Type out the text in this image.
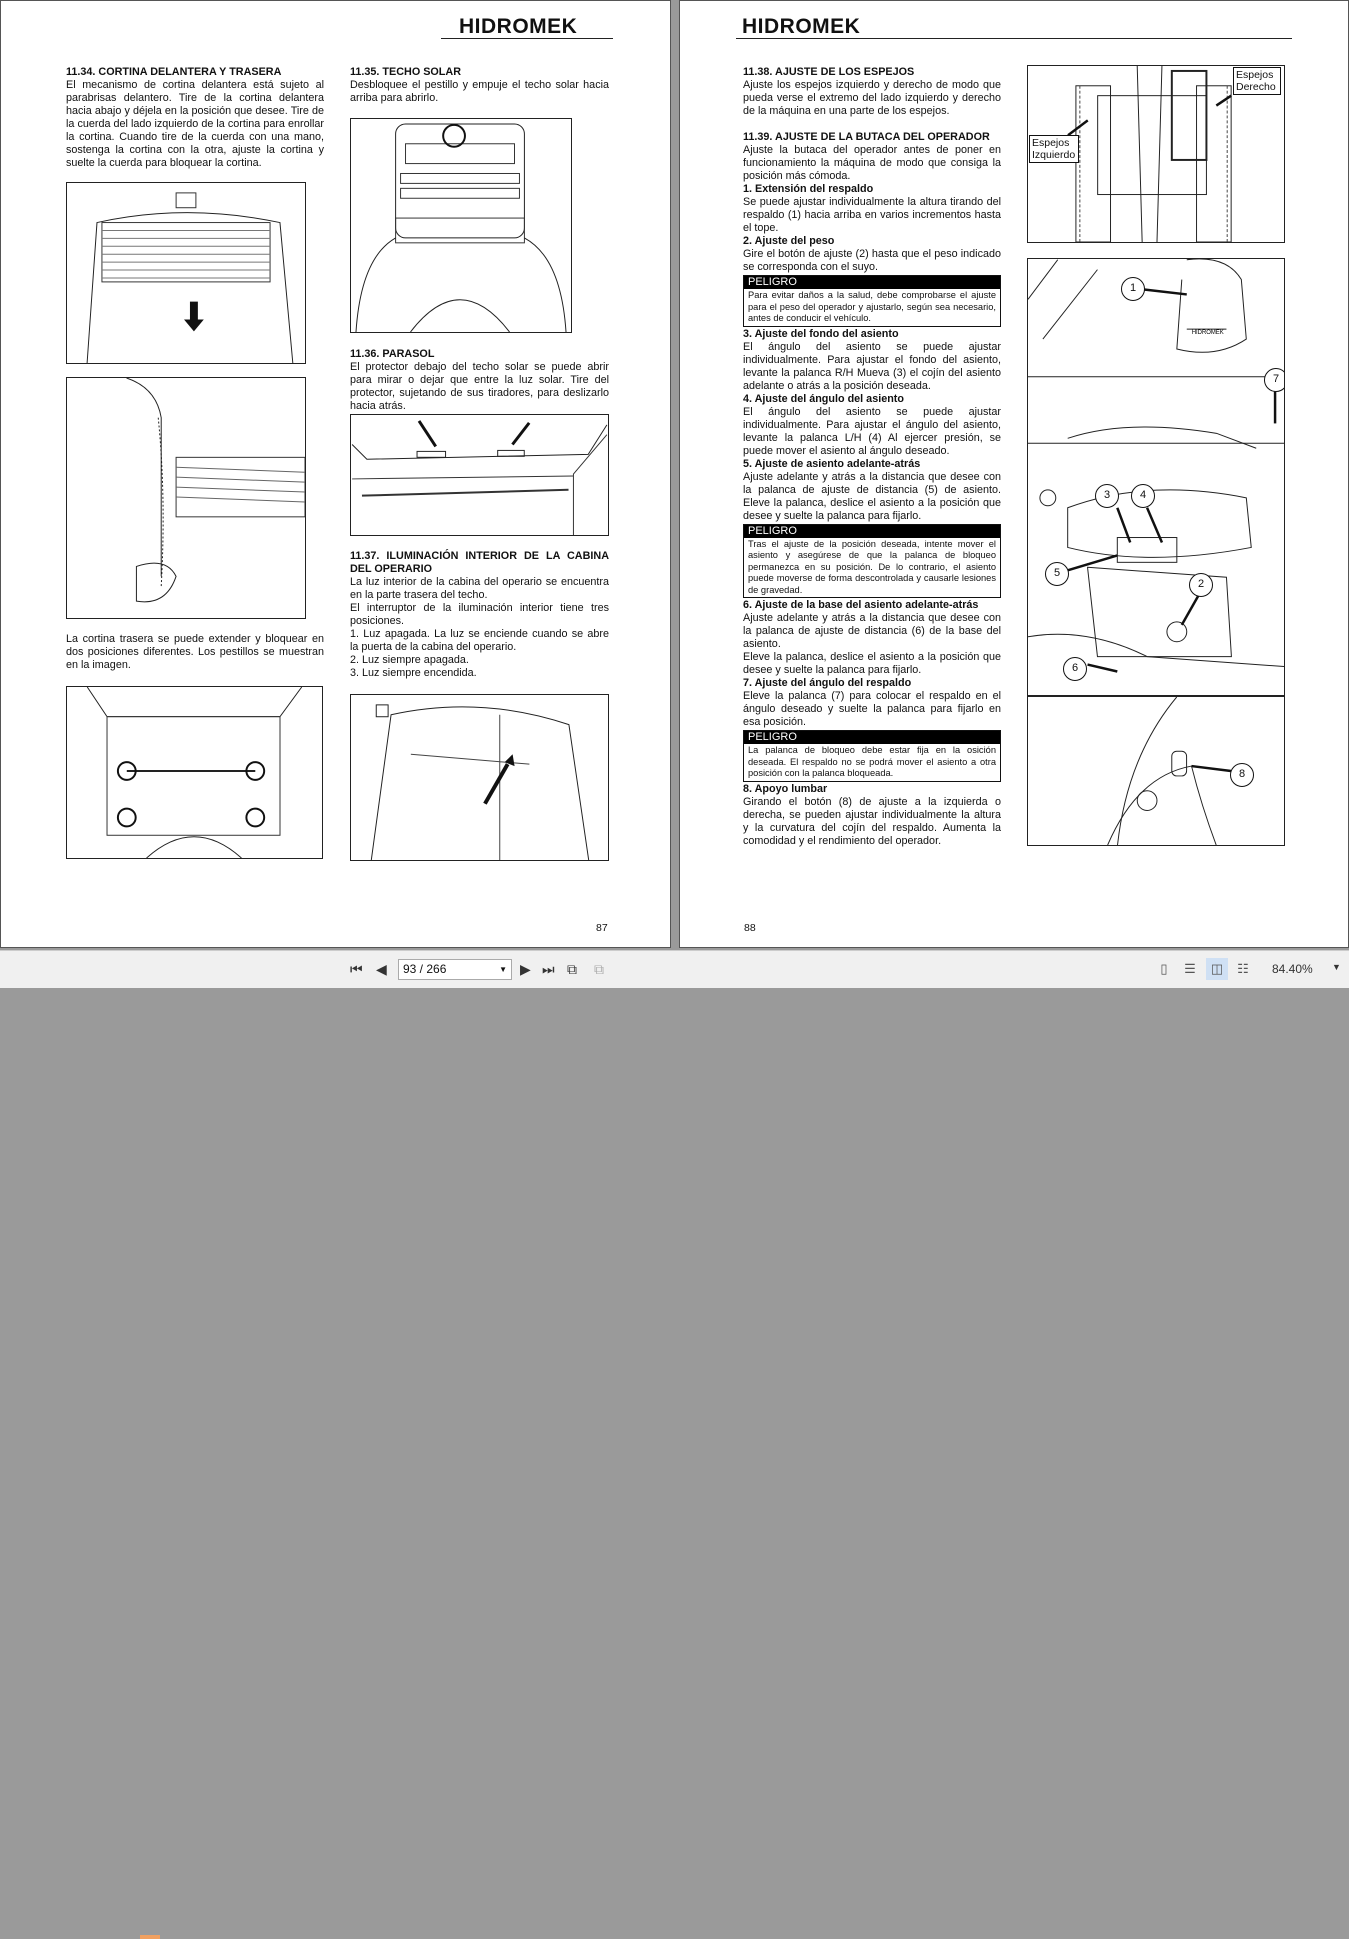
HIDROMEK
11.34. CORTINA DELANTERA Y TRASERA

El mecanismo de cortina delantera está sujeto al parabrisas delantero. Tire de la cortina delantera hacia abajo y déjela en la posición que desee. Tire de la cuerda del lado izquierdo de la cortina para enrollar la cortina. Cuando tire de la cuerda con una mano, sostenga la cortina con la otra, ajuste la cortina y suelte la cuerda para bloquear la cortina.

La cortina trasera se puede extender y bloquear en dos posiciones diferentes. Los pestillos se muestran en la imagen.
11.35. TECHO SOLAR

Desbloquee el pestillo y empuje el techo solar hacia arriba para abrirlo.

11.36. PARASOL

El protector debajo del techo solar se puede abrir para mirar o dejar que entre la luz solar. Tire del protector, sujetando de sus tiradores, para deslizarlo hacia atrás.

11.37. ILUMINACIÓN INTERIOR DE LA CABINA DEL OPERARIO

La luz interior de la cabina del operario se encuentra en la parte trasera del techo.

El interruptor de la iluminación interior tiene tres posiciones.

1. Luz apagada. La luz se enciende cuando se abre la puerta de la cabina del operario.

2. Luz siempre apagada.

3. Luz siempre encendida.

87
HIDROMEK
11.38. AJUSTE DE LOS ESPEJOS

Ajuste los espejos izquierdo y derecho de modo que pueda verse el extremo del lado izquierdo y derecho de la máquina en una parte de los espejos.

11.39. AJUSTE DE LA BUTACA DEL OPERADOR

Ajuste la butaca del operador antes de poner en funcionamiento la máquina de modo que consiga la posición más cómoda.

1. Extensión del respaldo

Se puede ajustar individualmente la altura tirando del respaldo (1) hacia arriba en varios incrementos hasta el tope.

2. Ajuste del peso

Gire el botón de ajuste (2) hasta que el peso indicado se corresponda con el suyo.

PELIGRO
Para evitar daños a la salud, debe comprobarse el ajuste para el peso del operador y ajustarlo, según sea necesario, antes de conducir el vehículo.
3. Ajuste del fondo del asiento

El ángulo del asiento se puede ajustar individualmente. Para ajustar el fondo del asiento, levante la palanca R/H Mueva (3) el cojín del asiento adelante o atrás a la posición deseada.

4. Ajuste del ángulo del asiento

El ángulo del asiento se puede ajustar individualmente. Para ajustar el ángulo del asiento, levante la palanca L/H (4) Al ejercer presión, se puede mover el asiento al ángulo deseado.

5. Ajuste de asiento adelante-atrás

Ajuste adelante y atrás a la distancia que desee con la palanca de ajuste de distancia (5) de asiento. Eleve la palanca, deslice el asiento a la posición que desee y suelte la palanca para fijarlo.

PELIGRO
Tras el ajuste de la posición deseada, intente mover el asiento y asegúrese de que la palanca de bloqueo permanezca en su posición. De lo contrario, el asiento puede moverse de forma descontrolada y causarle lesiones de gravedad.
6. Ajuste de la base del asiento adelante-atrás

Ajuste adelante y atrás a la distancia que desee con la palanca de ajuste de distancia (6) de la base del asiento.

Eleve la palanca, deslice el asiento a la posición que desee y suelte la palanca para fijarlo.

7. Ajuste del ángulo del respaldo

Eleve la palanca (7) para colocar el respaldo en el ángulo deseado y suelte la palanca para fijarlo en esa posición.

PELIGRO
La palanca de bloqueo debe estar fija en la osición deseada. El respaldo no se podrá mover el asiento a otra posición con la palanca bloqueada.
8. Apoyo lumbar

Girando el botón (8) de ajuste a la izquierda o derecha, se pueden ajustar individualmente la altura y la curvatura del cojín del respaldo. Aumenta la comodidad y el rendimiento del operador.

Espejos Derecho
Espejos Izquierdo
HIDROMEK
1
7
3	4
5
2
6
8
88
⏮ ◀	93 / 266	▼ ▶ ⏭ ⧉ ⧉	▯	☰	◫	☷	84.40% ▼
